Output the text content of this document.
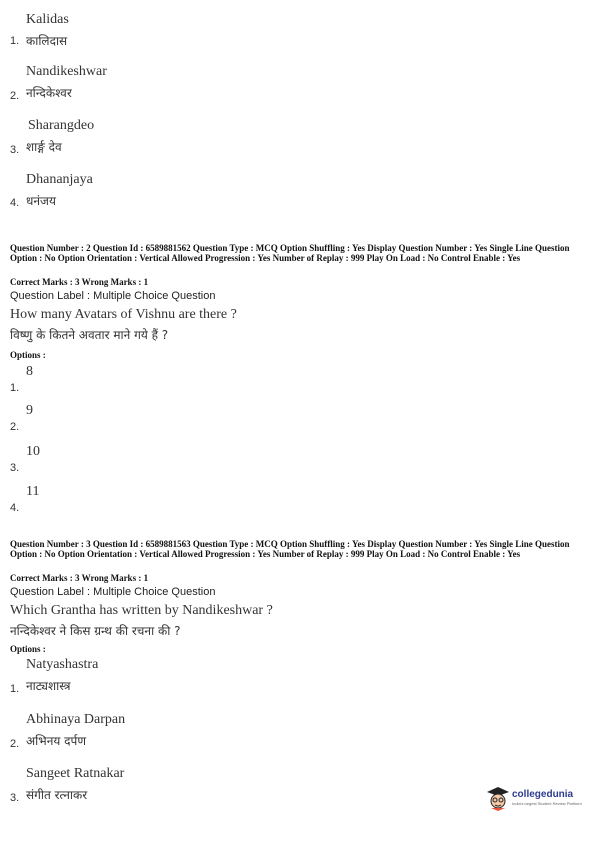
Kalidas
1. कालिदास
Nandikeshwar
2. नन्दिकेश्वर
Sharangdeo
3. शार्ङ्ग देव
Dhananjaya
4. धनंजय
Question Number : 2 Question Id : 6589881562 Question Type : MCQ Option Shuffling : Yes Display Question Number : Yes Single Line Question Option : No Option Orientation : Vertical Allowed Progression : Yes Number of Replay : 999 Play On Load : No Control Enable : Yes
Correct Marks : 3 Wrong Marks : 1
Question Label : Multiple Choice Question
How many Avatars of Vishnu are there ?
विष्णु के कितने अवतार माने गये हैं ?
Options :
8
1.
9
2.
10
3.
11
4.
Question Number : 3 Question Id : 6589881563 Question Type : MCQ Option Shuffling : Yes Display Question Number : Yes Single Line Question Option : No Option Orientation : Vertical Allowed Progression : Yes Number of Replay : 999 Play On Load : No Control Enable : Yes
Correct Marks : 3 Wrong Marks : 1
Question Label : Multiple Choice Question
Which Grantha has written by Nandikeshwar ?
नन्दिकेश्वर ने किस ग्रन्थ की रचना की ?
Options :
Natyashastra
1. नाट्यशास्त्र
Abhinaya Darpan
2. अभिनय दर्पण
Sangeet Ratnakar
3. संगीत रत्नाकर	collegedunia
India's largest Student Review Platform
